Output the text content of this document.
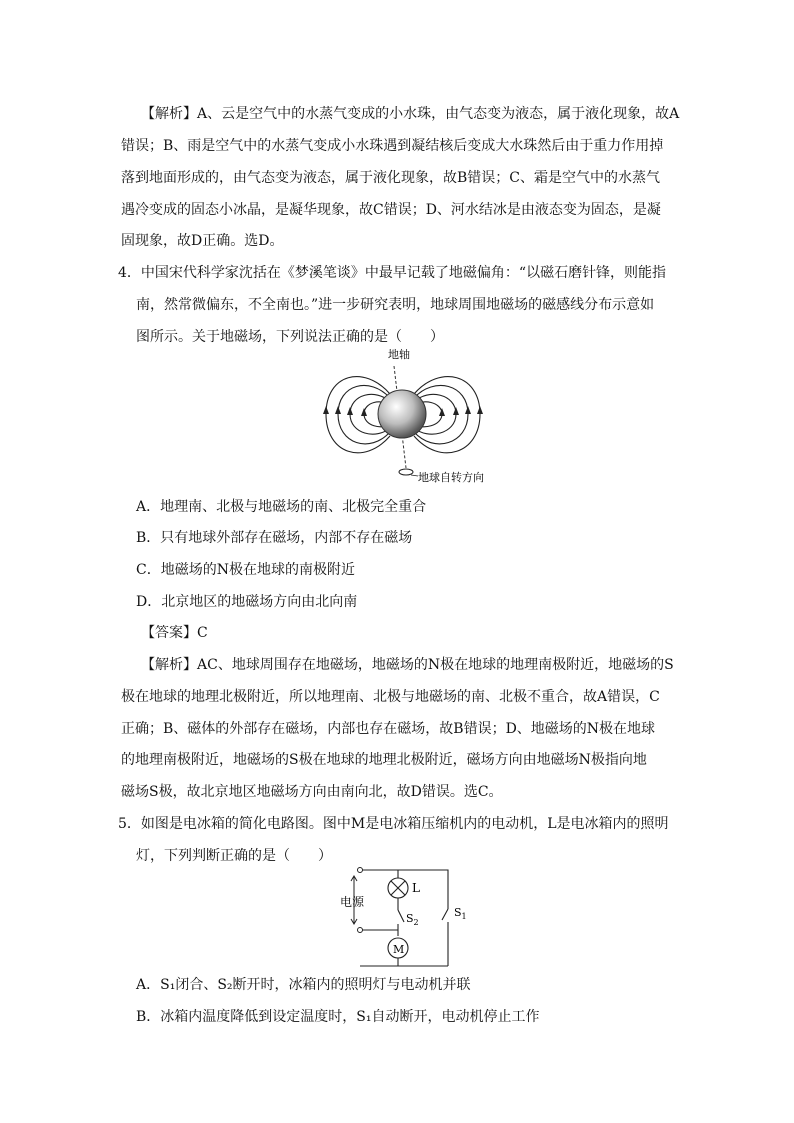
【解析】A、云是空气中的水蒸气变成的小水珠，由气态变为液态，属于液化现象，故A
错误；B、雨是空气中的水蒸气变成小水珠遇到凝结核后变成大水珠然后由于重力作用掉
落到地面形成的，由气态变为液态，属于液化现象，故B错误；C、霜是空气中的水蒸气
遇冷变成的固态小冰晶，是凝华现象，故C错误；D、河水结冰是由液态变为固态，是凝
固现象，故D正确。选D。
4．中国宋代科学家沈括在《梦溪笔谈》中最早记载了地磁偏角：“以磁石磨针锋，则能指
南，然常微偏东，不全南也。”进一步研究表明，地球周围地磁场的磁感线分布示意如
图所示。关于地磁场，下列说法正确的是（　　）
地轴
地球自转方向
A．地理南、北极与地磁场的南、北极完全重合
B．只有地球外部存在磁场，内部不存在磁场
C．地磁场的N极在地球的南极附近
D．北京地区的地磁场方向由北向南
【答案】C
【解析】AC、地球周围存在地磁场，地磁场的N极在地球的地理南极附近，地磁场的S
极在地球的地理北极附近，所以地理南、北极与地磁场的南、北极不重合，故A错误，C
正确；B、磁体的外部存在磁场，内部也存在磁场，故B错误；D、地磁场的N极在地球
的地理南极附近，地磁场的S极在地球的地理北极附近，磁场方向由地磁场N极指向地
磁场S极，故北京地区地磁场方向由南向北，故D错误。选C。
5．如图是电冰箱的简化电路图。图中M是电冰箱压缩机内的电动机，L是电冰箱内的照明
灯，下列判断正确的是（　　）
电源
L
M
$S_2$
$S_1$
A．S₁闭合、S₂断开时，冰箱内的照明灯与电动机并联
B．冰箱内温度降低到设定温度时，S₁自动断开，电动机停止工作
